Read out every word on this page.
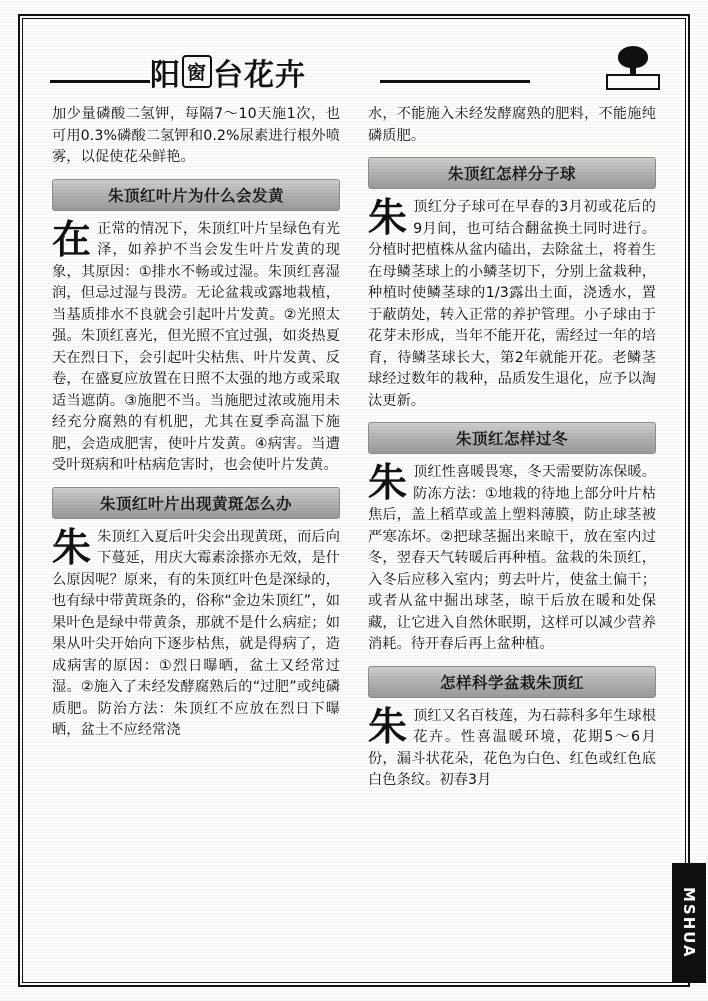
阳 窗 台花卉

加少量磷酸二氢钾，每隔7～10天施1次，也可用0.3%磷酸二氢钾和0.2%尿素进行根外喷雾，以促使花朵鲜艳。

朱顶红叶片为什么会发黄

在正常的情况下，朱顶红叶片呈绿色有光泽，如养护不当会发生叶片发黄的现象，其原因：①排水不畅或过湿。朱顶红喜湿润，但忌过湿与畏涝。无论盆栽或露地栽植，当基质排水不良就会引起叶片发黄。②光照太强。朱顶红喜光，但光照不宜过强，如炎热夏天在烈日下，会引起叶尖枯焦、叶片发黄、反卷，在盛夏应放置在日照不太强的地方或采取适当遮荫。③施肥不当。当施肥过浓或施用未经充分腐熟的有机肥，尤其在夏季高温下施肥，会造成肥害，使叶片发黄。④病害。当遭受叶斑病和叶枯病危害时，也会使叶片发黄。

朱顶红叶片出现黄斑怎么办

朱朱顶红入夏后叶尖会出现黄斑，而后向下蔓延，用庆大霉素涂搽亦无效，是什么原因呢？原来，有的朱顶红叶色是深绿的，也有绿中带黄斑条的，俗称“金边朱顶红”，如果叶色是绿中带黄条，那就不是什么病症；如果从叶尖开始向下逐步枯焦，就是得病了，造成病害的原因：①烈日曝晒，盆土又经常过湿。②施入了未经发酵腐熟后的“过肥”或纯磷质肥。防治方法：朱顶红不应放在烈日下曝晒，盆土不应经常浇

水，不能施入未经发酵腐熟的肥料，不能施纯磷质肥。

朱顶红怎样分子球

朱顶红分子球可在早春的3月初或花后的9月间，也可结合翻盆换土同时进行。分植时把植株从盆内磕出，去除盆土，将着生在母鳞茎球上的小鳞茎切下，分别上盆栽种，种植时使鳞茎球的1/3露出土面，浇透水，置于蔽荫处，转入正常的养护管理。小子球由于花芽未形成，当年不能开花，需经过一年的培育，待鳞茎球长大，第2年就能开花。老鳞茎球经过数年的栽种，品质发生退化，应予以淘汰更新。

朱顶红怎样过冬

朱顶红性喜暖畏寒，冬天需要防冻保暖。防冻方法：①地栽的待地上部分叶片枯焦后，盖上稻草或盖上塑料薄膜，防止球茎被严寒冻坏。②把球茎掘出来晾干，放在室内过冬，翌春天气转暖后再种植。盆栽的朱顶红，入冬后应移入室内；剪去叶片，使盆土偏干；或者从盆中掘出球茎，晾干后放在暖和处保藏，让它进入自然休眠期，这样可以减少营养消耗。待开春后再上盆种植。

怎样科学盆栽朱顶红

朱顶红又名百枝莲，为石蒜科多年生球根花卉。性喜温暖环境，花期5～6月份，漏斗状花朵，花色为白色、红色或红色底白色条纹。初春3月

MSHUA
